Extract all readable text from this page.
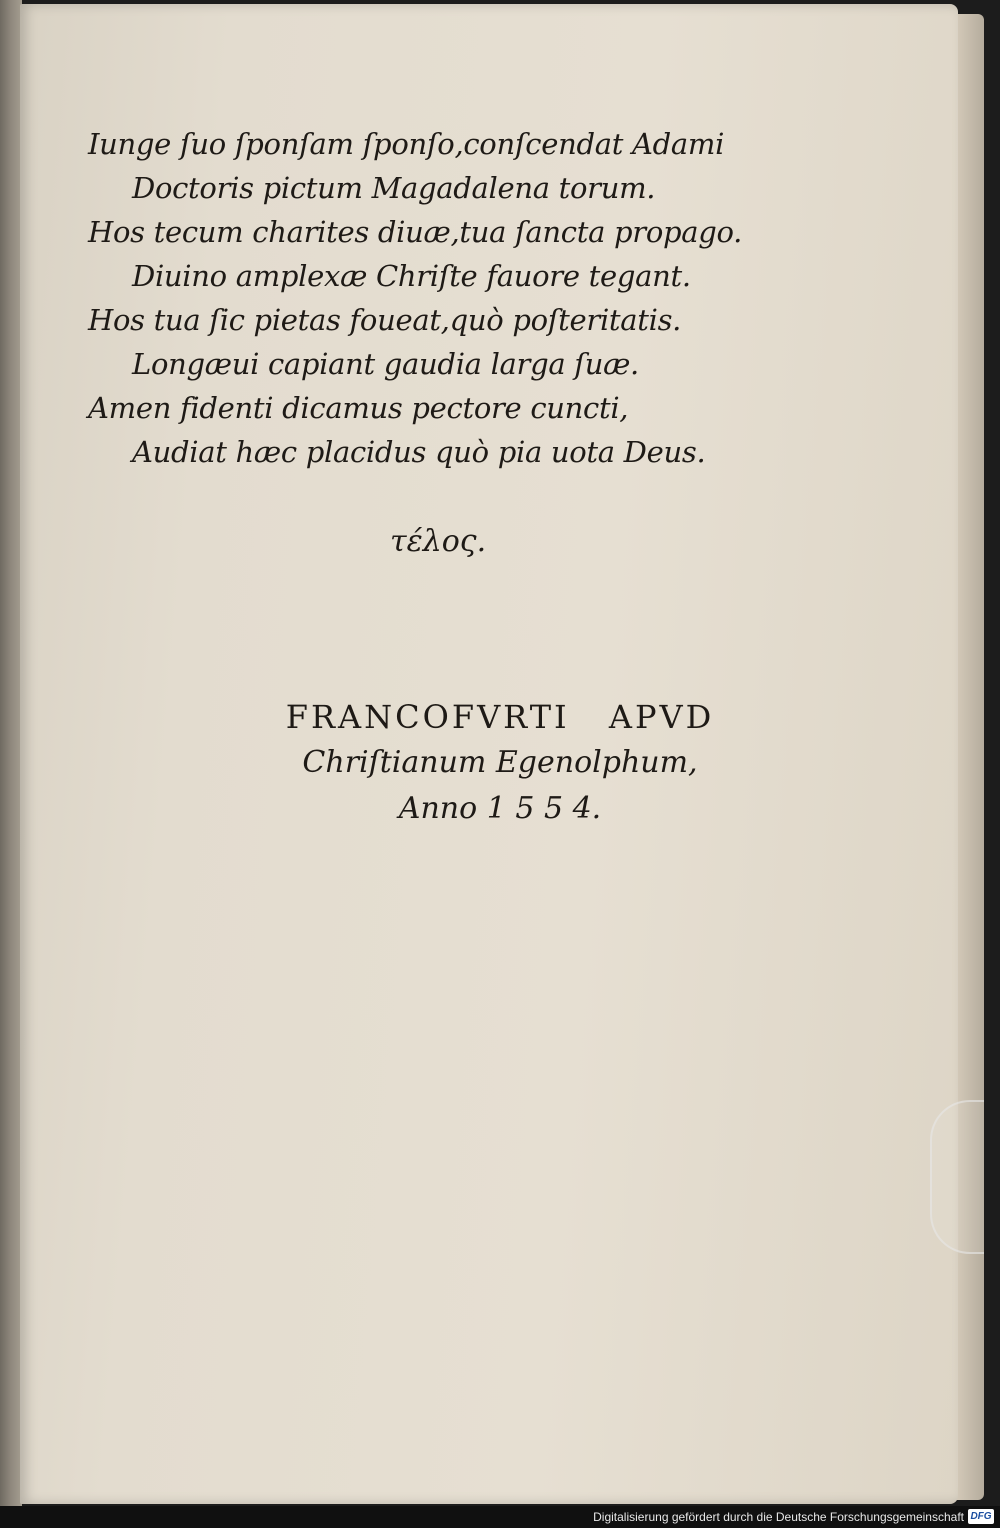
Iunge ſuo ſponſam ſponſo,conſcendat Adami
Doctoris pictum Magadalena torum.
Hos tecum charites diuæ,tua ſancta propago.
Diuino amplexæ Chriſte fauore tegant.
Hos tua ſic pietas foueat,quò poſteritatis.
Longæui capiant gaudia larga ſuæ.
Amen fidenti dicamus pectore cuncti,
Audiat hæc placidus quò pia uota Deus.
τέλος.
FRANCOFVRTI APVD
Chriſtianum Egenolphum,
Anno 1 5 5 4.
Digitalisierung gefördert durch die Deutsche Forschungsgemeinschaft DFG
